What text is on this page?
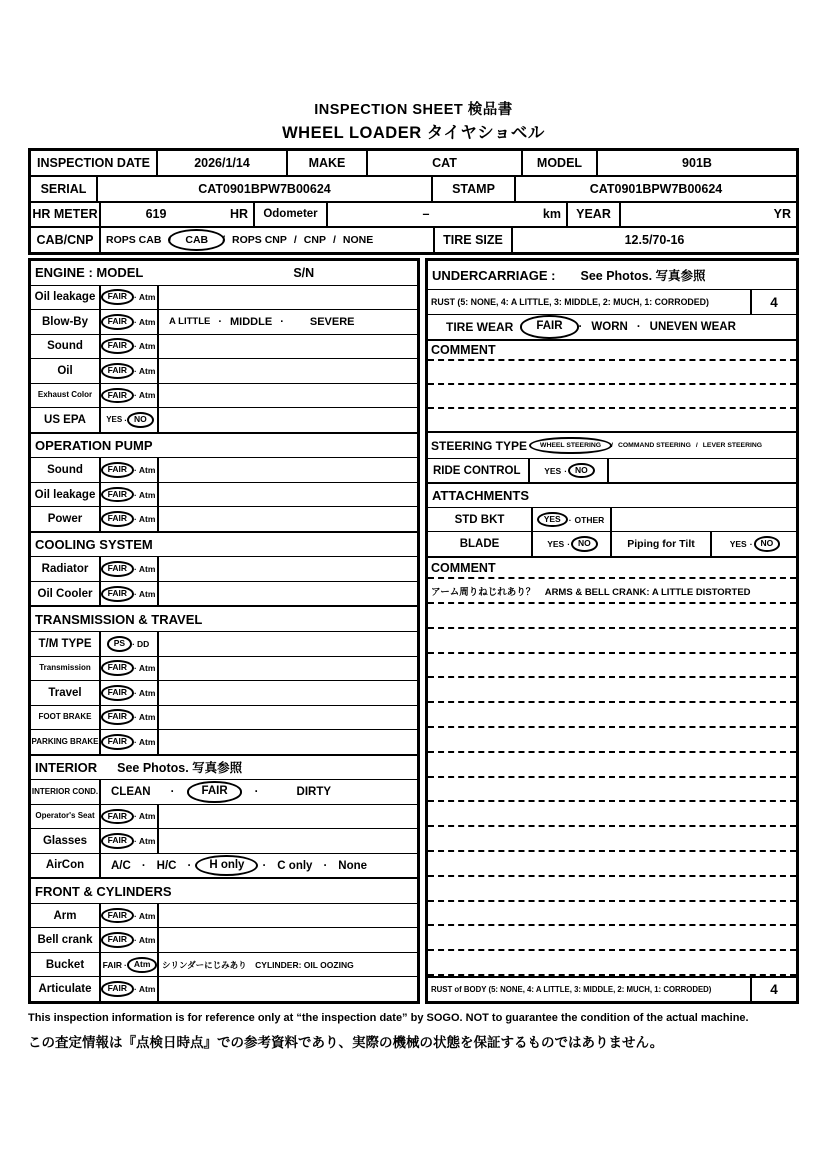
INSPECTION SHEET 検品書
WHEEL LOADER タイヤショベル
INSPECTION DATE	2026/1/14	MAKE	CAT	MODEL	901B
SERIAL	CAT0901BPW7B00624	STAMP	CAT0901BPW7B00624
HR METER	619	HR	Odometer	–	km	YEAR	YR
CAB/CNP	ROPS CAB /	CAB	/ ROPS CNP / CNP / NONE	TIRE SIZE	12.5/70-16
ENGINE : MODEL	S/N
Oil leakage	FAIR · Atm
Blow-By	FAIR · Atm A LITTLE · MIDDLE · SEVERE
Sound	FAIR · Atm
Oil	FAIR · Atm
Exhaust Color	FAIR · Atm
US EPA	YES · NO
OPERATION PUMP
Sound	FAIR · Atm
Oil leakage	FAIR · Atm
Power	FAIR · Atm
COOLING SYSTEM
Radiator	FAIR · Atm
Oil Cooler	FAIR · Atm
TRANSMISSION & TRAVEL
T/M TYPE	PS · DD
Transmission	FAIR · Atm
Travel	FAIR · Atm
FOOT BRAKE	FAIR · Atm
PARKING BRAKE	FAIR · Atm
INTERIOR See Photos. 写真参照
INTERIOR COND. CLEAN ·	FAIR	·	DIRTY
Operator's Seat	FAIR · Atm
Glasses	FAIR · Atm
AirCon	A/C · H/C ·	H only	· C only · None
FRONT & CYLINDERS
Arm	FAIR · Atm
Bell crank	FAIR · Atm
Bucket	FAIR · Atm	シリンダーにじみあり　CYLINDER: OIL OOZING
Articulate	FAIR · Atm
UNDERCARRIAGE : See Photos. 写真参照
RUST (5: NONE, 4: A LITTLE, 3: MIDDLE, 2: MUCH, 1: CORRODED)	4
TIRE WEAR	FAIR	· WORN · UNEVEN WEAR
COMMENT
STEERING TYPE	WHEEL STEERING	/ COMMAND STEERING / LEVER STEERING
RIDE CONTROL	YES · NO
ATTACHMENTS
STD BKT	YES · OTHER
BLADE	YES · NO	Piping for Tilt	YES · NO
COMMENT
アーム周りねじれあり？　ARMS & BELL CRANK: A LITTLE DISTORTED
RUST of BODY (5: NONE, 4: A LITTLE, 3: MIDDLE, 2: MUCH, 1: CORRODED)	4
This inspection information is for reference only at “the inspection date” by SOGO. NOT to guarantee the condition of the actual machine.
この査定情報は『点検日時点』での参考資料であり、実際の機械の状態を保証するものではありません。
